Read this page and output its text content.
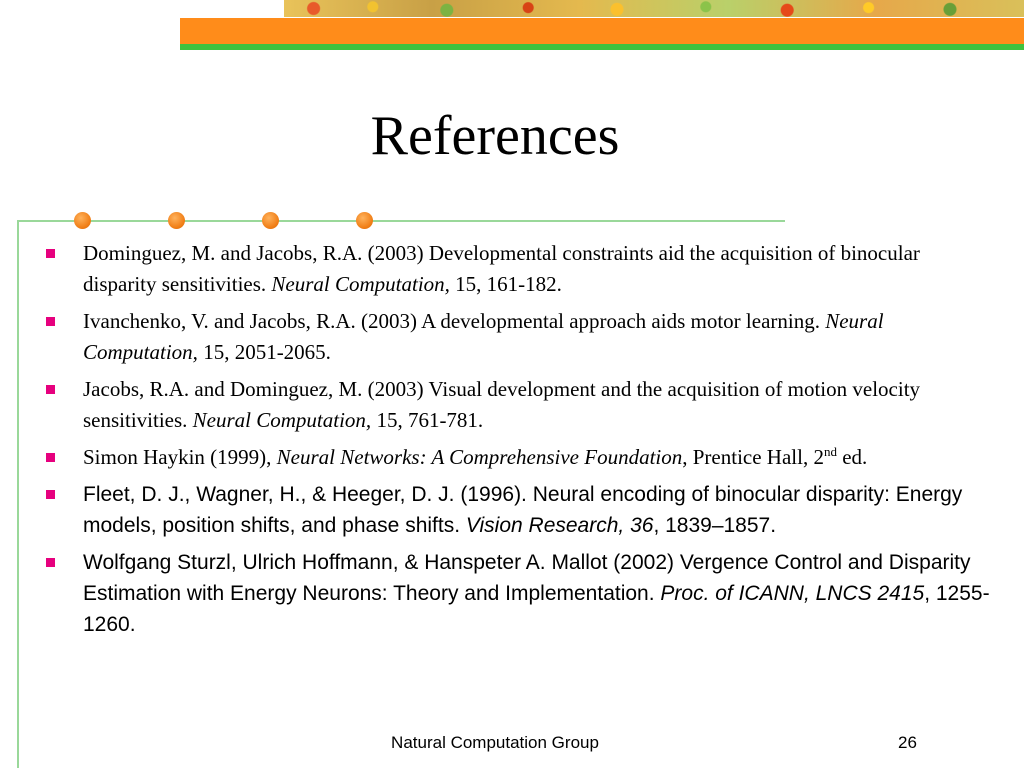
References
Dominguez, M. and Jacobs, R.A. (2003) Developmental constraints aid the acquisition of binocular disparity sensitivities. Neural Computation, 15, 161-182.
Ivanchenko, V. and Jacobs, R.A. (2003) A developmental approach aids motor learning. Neural Computation, 15, 2051-2065.
Jacobs, R.A. and Dominguez, M. (2003) Visual development and the acquisition of motion velocity sensitivities. Neural Computation, 15, 761-781.
Simon Haykin (1999), Neural Networks: A Comprehensive Foundation, Prentice Hall, 2nd ed.
Fleet, D. J., Wagner, H., & Heeger, D. J. (1996). Neural encoding of binocular disparity: Energy models, position shifts, and phase shifts. Vision Research, 36, 1839–1857.
Wolfgang Sturzl, Ulrich Hoffmann, & Hanspeter A. Mallot (2002) Vergence Control and Disparity Estimation with Energy Neurons: Theory and Implementation. Proc. of ICANN, LNCS 2415, 1255-1260.
Natural Computation Group	26
